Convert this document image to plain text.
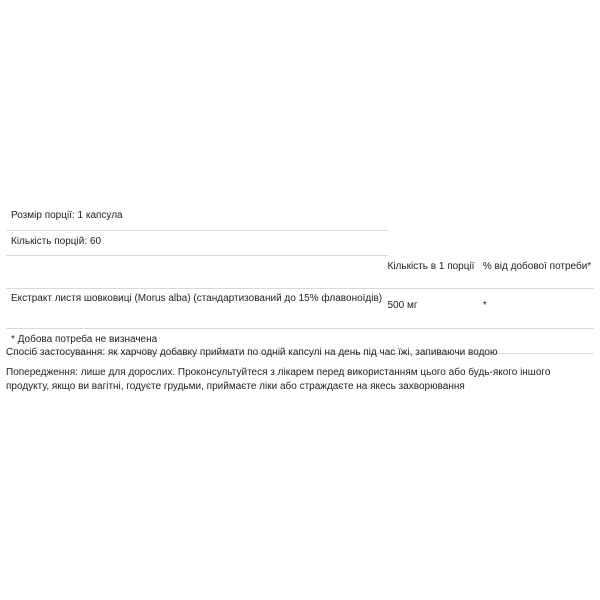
Розмір порції: 1 капсула		
Кількість порцій: 60		
	Кількість в 1 порції	% від добової потреби*
Екстракт листя шовковиці (Morus alba) (стандартизований до 15% флавоноїдів)	500 мг	*
* Добова потреба не визначена		

Спосіб застосування: як харчову добавку приймати по одній капсулі на день під час їжі, запиваючи водою

Попередження: лише для дорослих. Проконсультуйтеся з лікарем перед використанням цього або будь-якого іншого продукту, якщо ви вагітні, годуєте грудьми, приймаєте ліки або страждаєте на якесь захворювання
